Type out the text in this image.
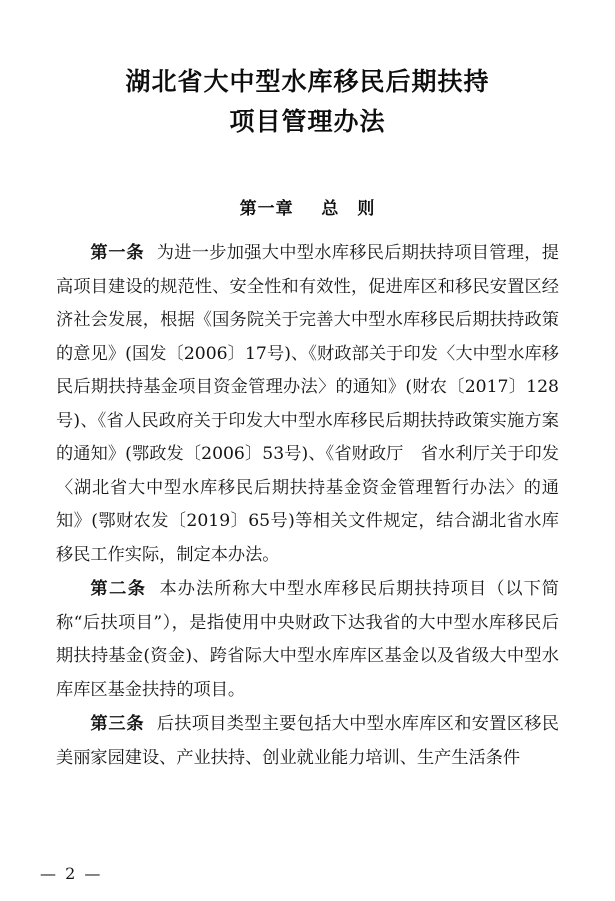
湖北省大中型水库移民后期扶持
项目管理办法
第一章 总　则

第一条 为进一步加强大中型水库移民后期扶持项目管理，提高项目建设的规范性、安全性和有效性，促进库区和移民安置区经济社会发展，根据《国务院关于完善大中型水库移民后期扶持政策的意见》(国发〔2006〕17号)、《财政部关于印发〈大中型水库移民后期扶持基金项目资金管理办法〉的通知》(财农〔2017〕128号)、《省人民政府关于印发大中型水库移民后期扶持政策实施方案的通知》(鄂政发〔2006〕53号)、《省财政厅　省水利厅关于印发〈湖北省大中型水库移民后期扶持基金资金管理暂行办法〉的通知》(鄂财农发〔2019〕65号)等相关文件规定，结合湖北省水库移民工作实际，制定本办法。

第二条 本办法所称大中型水库移民后期扶持项目（以下简称“后扶项目”），是指使用中央财政下达我省的大中型水库移民后期扶持基金(资金)、跨省际大中型水库库区基金以及省级大中型水库库区基金扶持的项目。

第三条 后扶项目类型主要包括大中型水库库区和安置区移民美丽家园建设、产业扶持、创业就业能力培训、生产生活条件

— 2 —
